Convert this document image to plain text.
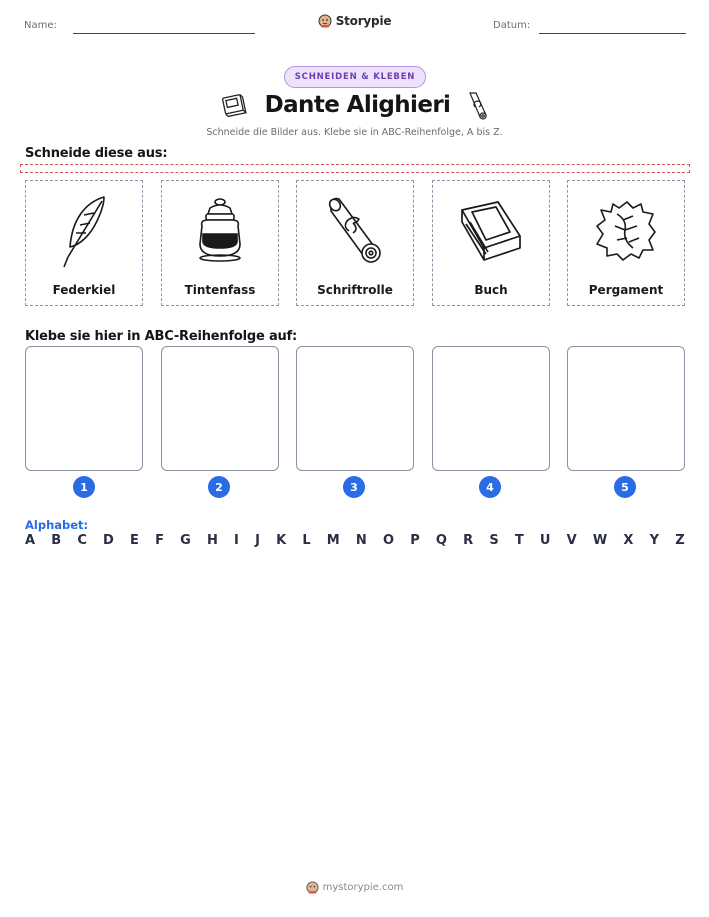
Name:	Storypie	Datum:
SCHNEIDEN & KLEBEN
Dante Alighieri
Schneide die Bilder aus. Klebe sie in ABC-Reihenfolge, A bis Z.
Schneide diese aus:
Federkiel	Tintenfass	Schriftrolle	Buch	Pergament
Klebe sie hier in ABC-Reihenfolge auf:
1	2	3	4	5
Alphabet:
A B C D E F G H I J K L M N O P Q R S T U V W X Y Z
mystorypie.com
